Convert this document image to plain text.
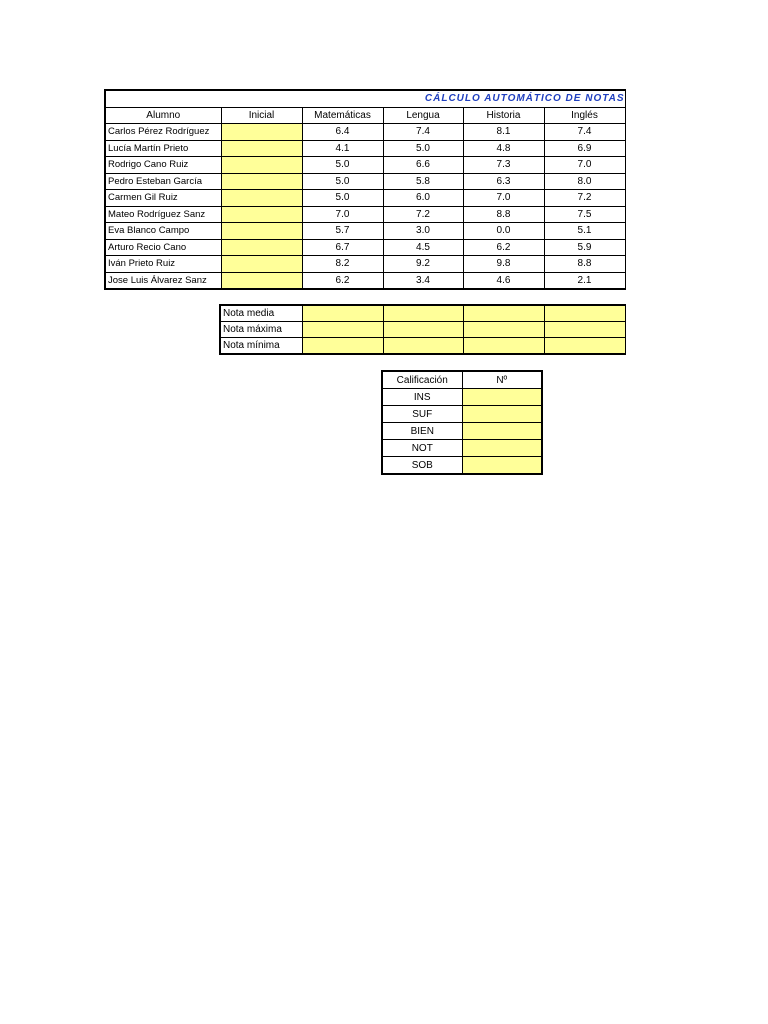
CÁLCULO AUTOMÁTICO DE NOTAS					
Alumno	Inicial	Matemáticas	Lengua	Historia	Inglés
Carlos Pérez Rodríguez		6.4	7.4	8.1	7.4
Lucía Martín Prieto		4.1	5.0	4.8	6.9
Rodrigo Cano Ruiz		5.0	6.6	7.3	7.0
Pedro Esteban García		5.0	5.8	6.3	8.0
Carmen Gil Ruiz		5.0	6.0	7.0	7.2
Mateo Rodríguez Sanz		7.0	7.2	8.8	7.5
Eva Blanco Campo		5.7	3.0	0.0	5.1
Arturo Recio Cano		6.7	4.5	6.2	5.9
Iván Prieto Ruiz		8.2	9.2	9.8	8.8
Jose Luis Álvarez Sanz		6.2	3.4	4.6	2.1
Nota media				
Nota máxima				
Nota mínima				
Calificación	Nº
INS	
SUF	
BIEN	
NOT	
SOB	
